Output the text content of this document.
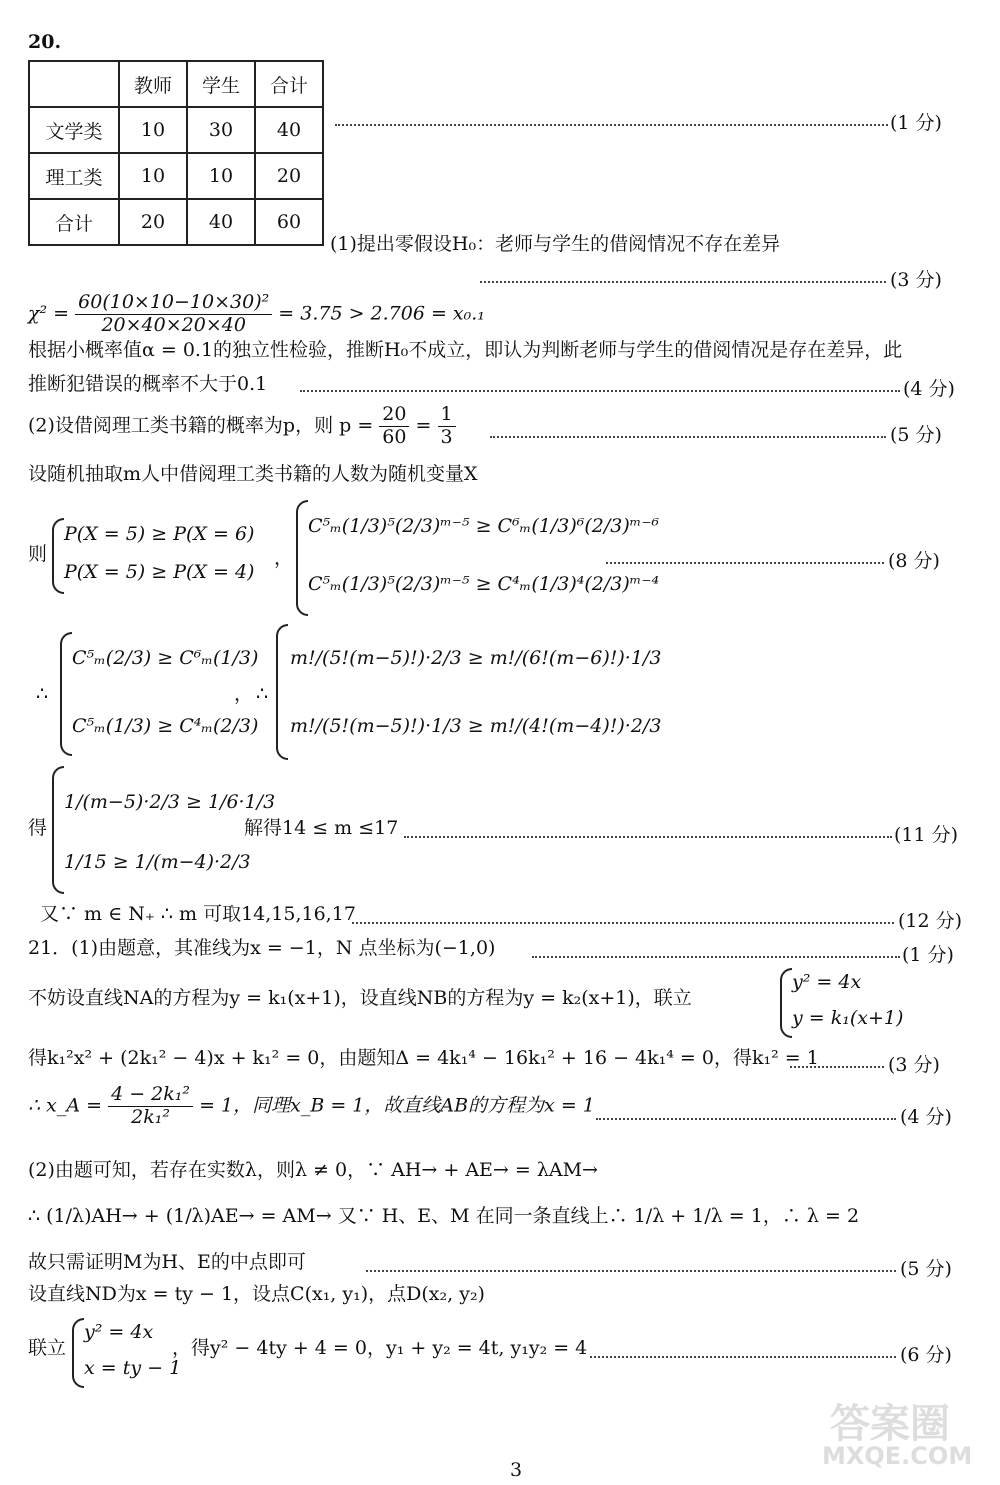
20.
	教师	学生	合计
文学类	10	30	40
理工类	10	10	20
合计	20	40	60
(1 分)
(1)提出零假设H₀：老师与学生的借阅情况不存在差异
(3 分)
$\chi^2 = \frac{\text{60(10×10−10×30)²}}{20\times 40\times 20\times 40} = 3.75 > 2.706 = x_0._1$
根据小概率值α = 0.1的独立性检验，推断H₀不成立，即认为判断老师与学生的借阅情况是存在差异，此
推断犯错误的概率不大于0.1	(4 分)
(2)设借阅理工类书籍的概率为p，则 $p = \frac{20}{60} = \frac{1}{3}$	(5 分)
设随机抽取m人中借阅理工类书籍的人数为随机变量X
则
P(X = 5) ≥ P(X = 6)
P(X = 5) ≥ P(X = 4)
，
C⁵ₘ(1/3)⁵(2/3)ᵐ⁻⁵ ≥ C⁶ₘ(1/3)⁶(2/3)ᵐ⁻⁶
C⁵ₘ(1/3)⁵(2/3)ᵐ⁻⁵ ≥ C⁴ₘ(1/3)⁴(2/3)ᵐ⁻⁴
(8 分)
∴
C⁵ₘ(2/3) ≥ C⁶ₘ(1/3)
C⁵ₘ(1/3) ≥ C⁴ₘ(2/3)
， ∴
m!/(5!(m−5)!)·2/3 ≥ m!/(6!(m−6)!)·1/3
m!/(5!(m−5)!)·1/3 ≥ m!/(4!(m−4)!)·2/3
得
1/(m−5)·2/3 ≥ 1/6·1/3
1/15 ≥ 1/(m−4)·2/3
解得14 ≤ m ≤17	(11 分)
又∵ m ∈ N₊ ∴ m 可取14,15,16,17	(12 分)
21．(1)由题意，其准线为x = −1，N 点坐标为(−1,0)	(1 分)
不妨设直线NA的方程为y = k₁(x+1)，设直线NB的方程为y = k₂(x+1)，联立
y² = 4x
y = k₁(x+1)
得k₁²x² + (2k₁² − 4)x + k₁² = 0，由题知Δ = 4k₁⁴ − 16k₁² + 16 − 4k₁⁴ = 0，得k₁² = 1	(3 分)
∴ x_A = $\frac{\text{4 − 2k₁²}}{\text{2k₁²}} = 1$，同理x_B = 1，故直线AB的方程为x = 1
(4 分)
(2)由题可知，若存在实数λ，则λ ≠ 0，∵ AH→ + AE→ = λAM→
∴ (1/λ)AH→ + (1/λ)AE→ = AM→ 又∵ H、E、M 在同一条直线上∴ 1/λ + 1/λ = 1，∴ λ = 2
故只需证明M为H、E的中点即可	(5 分)
设直线ND为x = ty − 1，设点C(x₁, y₁)，点D(x₂, y₂)
联立
y² = 4x
x = ty − 1
，得y² − 4ty + 4 = 0，y₁ + y₂ = 4t, y₁y₂ = 4	(6 分)
3
答案圈
MXQE.COM
